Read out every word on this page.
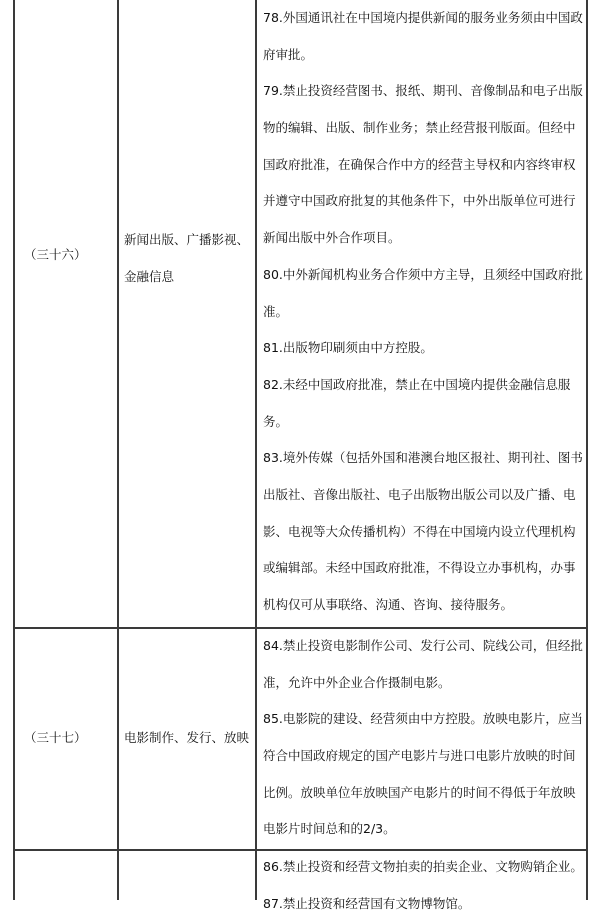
（三十六）
新闻出版、广播影视、
金融信息
78.外国通讯社在中国境内提供新闻的服务业务须由中国政
府审批。
79.禁止投资经营图书、报纸、期刊、音像制品和电子出版
物的编辑、出版、制作业务；禁止经营报刊版面。但经中
国政府批准，在确保合作中方的经营主导权和内容终审权
并遵守中国政府批复的其他条件下，中外出版单位可进行
新闻出版中外合作项目。
80.中外新闻机构业务合作须中方主导，且须经中国政府批
准。
81.出版物印刷须由中方控股。
82.未经中国政府批准，禁止在中国境内提供金融信息服
务。
83.境外传媒（包括外国和港澳台地区报社、期刊社、图书
出版社、音像出版社、电子出版物出版公司以及广播、电
影、电视等大众传播机构）不得在中国境内设立代理机构
或编辑部。未经中国政府批准，不得设立办事机构，办事
机构仅可从事联络、沟通、咨询、接待服务。
（三十七）	电影制作、发行、放映
84.禁止投资电影制作公司、发行公司、院线公司，但经批
准，允许中外企业合作摄制电影。
85.电影院的建设、经营须由中方控股。放映电影片，应当
符合中国政府规定的国产电影片与进口电影片放映的时间
比例。放映单位年放映国产电影片的时间不得低于年放映
电影片时间总和的2/3。
86.禁止投资和经营文物拍卖的拍卖企业、文物购销企业。
87.禁止投资和经营国有文物博物馆。
